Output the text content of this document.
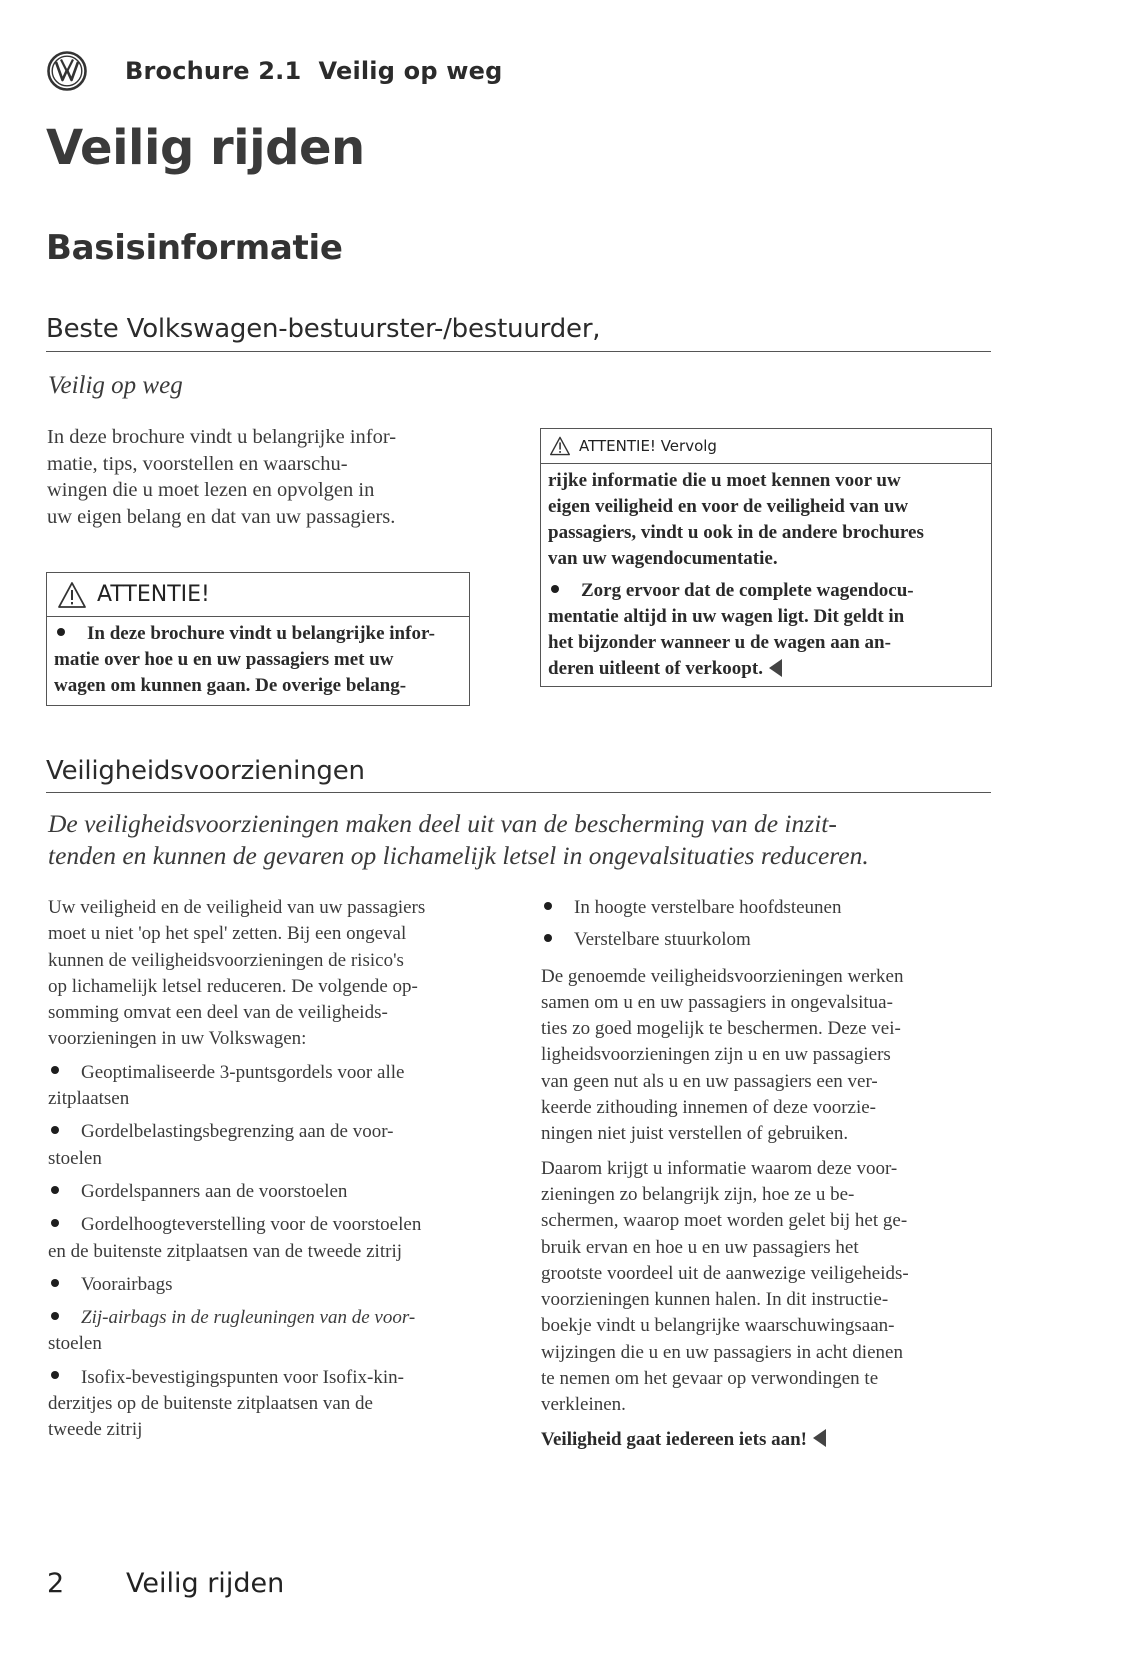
Brochure 2.1  Veilig op weg
Veilig rijden
Basisinformatie
Beste Volkswagen-bestuurster-/bestuurder,
Veilig op weg
In deze brochure vindt u belangrijke infor-
matie, tips, voorstellen en waarschu-
wingen die u moet lezen en opvolgen in
uw eigen belang en dat van uw passagiers.
ATTENTIE!
In deze brochure vindt u belangrijke infor-
matie over hoe u en uw passagiers met uw
wagen om kunnen gaan. De overige belang-
ATTENTIE! Vervolg
rijke informatie die u moet kennen voor uw
eigen veiligheid en voor de veiligheid van uw
passagiers, vindt u ook in de andere brochures
van uw wagendocumentatie.
Zorg ervoor dat de complete wagendocu-
mentatie altijd in uw wagen ligt. Dit geldt in
het bijzonder wanneer u de wagen aan an-
deren uitleent of verkoopt.
Veiligheidsvoorzieningen
De veiligheidsvoorzieningen maken deel uit van de bescherming van de inzit-
tenden en kunnen de gevaren op lichamelijk letsel in ongevalsituaties reduceren.
Uw veiligheid en de veiligheid van uw passagiers
moet u niet 'op het spel' zetten. Bij een ongeval
kunnen de veiligheidsvoorzieningen de risico's
op lichamelijk letsel reduceren. De volgende op-
somming omvat een deel van de veiligheids-
voorzieningen in uw Volkswagen:
Geoptimaliseerde 3-puntsgordels voor alle
zitplaatsen
Gordelbelastingsbegrenzing aan de voor-
stoelen
Gordelspanners aan de voorstoelen
Gordelhoogteverstelling voor de voorstoelen
en de buitenste zitplaatsen van de tweede zitrij
Voorairbags
Zij-airbags in de rugleuningen van de voor-
stoelen
Isofix-bevestigingspunten voor Isofix-kin-
derzitjes op de buitenste zitplaatsen van de
tweede zitrij
In hoogte verstelbare hoofdsteunen
Verstelbare stuurkolom
De genoemde veiligheidsvoorzieningen werken
samen om u en uw passagiers in ongevalsitua-
ties zo goed mogelijk te beschermen. Deze vei-
ligheidsvoorzieningen zijn u en uw passagiers
van geen nut als u en uw passagiers een ver-
keerde zithouding innemen of deze voorzie-
ningen niet juist verstellen of gebruiken.
Daarom krijgt u informatie waarom deze voor-
zieningen zo belangrijk zijn, hoe ze u be-
schermen, waarop moet worden gelet bij het ge-
bruik ervan en hoe u en uw passagiers het
grootste voordeel uit de aanwezige veiligeheids-
voorzieningen kunnen halen. In dit instructie-
boekje vindt u belangrijke waarschuwingsaan-
wijzingen die u en uw passagiers in acht dienen
te nemen om het gevaar op verwondingen te
verkleinen.
Veiligheid gaat iedereen iets aan!
2 Veilig rijden
